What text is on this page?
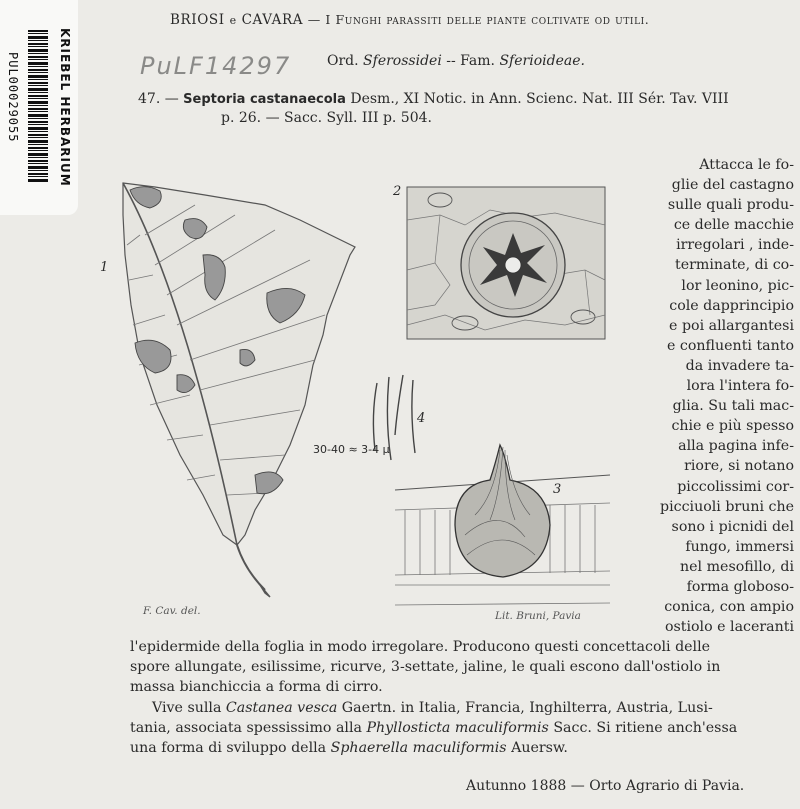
KRIEBEL HERBARIUM
PUL00029055
BRIOSI e CAVARA — I Funghi parassiti delle piante coltivate od utili.
PuLF14297	Ord. Sferossidei -- Fam. Sferioideae.
47. — Septoria castanaecola Desm., XI Notic. in Ann. Scienc. Nat. III Sér. Tav. VIII
p. 26. — Sacc. Syll. III p. 504.
1
2
3
4
30-40 ≈ 3-4 μ
F. Cav. del.	Lit. Bruni, Pavia
Attacca le fo-
glie del castagno
sulle quali produ-
ce delle macchie
irregolari , inde-
terminate, di co-
lor leonino, pic-
cole dapprincipio
e poi allargantesi
e confluenti tanto
da invadere ta-
lora l'intera fo-
glia. Su tali mac-
chie e più spesso
alla pagina infe-
riore, si notano
piccolissimi cor-
picciuoli bruni che
sono i picnidi del
fungo, immersi
nel mesofillo, di
forma globoso-
conica, con ampio
ostiolo e laceranti
l'epidermide della foglia in modo irregolare. Producono questi concettacoli delle
spore allungate, esilissime, ricurve, 3-settate, jaline, le quali escono dall'ostiolo in
massa bianchiccia a forma di cirro.
Vive sulla Castanea vesca Gaertn. in Italia, Francia, Inghilterra, Austria, Lusi-
tania, associata spessissimo alla Phyllosticta maculiformis Sacc. Si ritiene anch'essa
una forma di sviluppo della Sphaerella maculiformis Auersw.
Autunno 1888 — Orto Agrario di Pavia.
